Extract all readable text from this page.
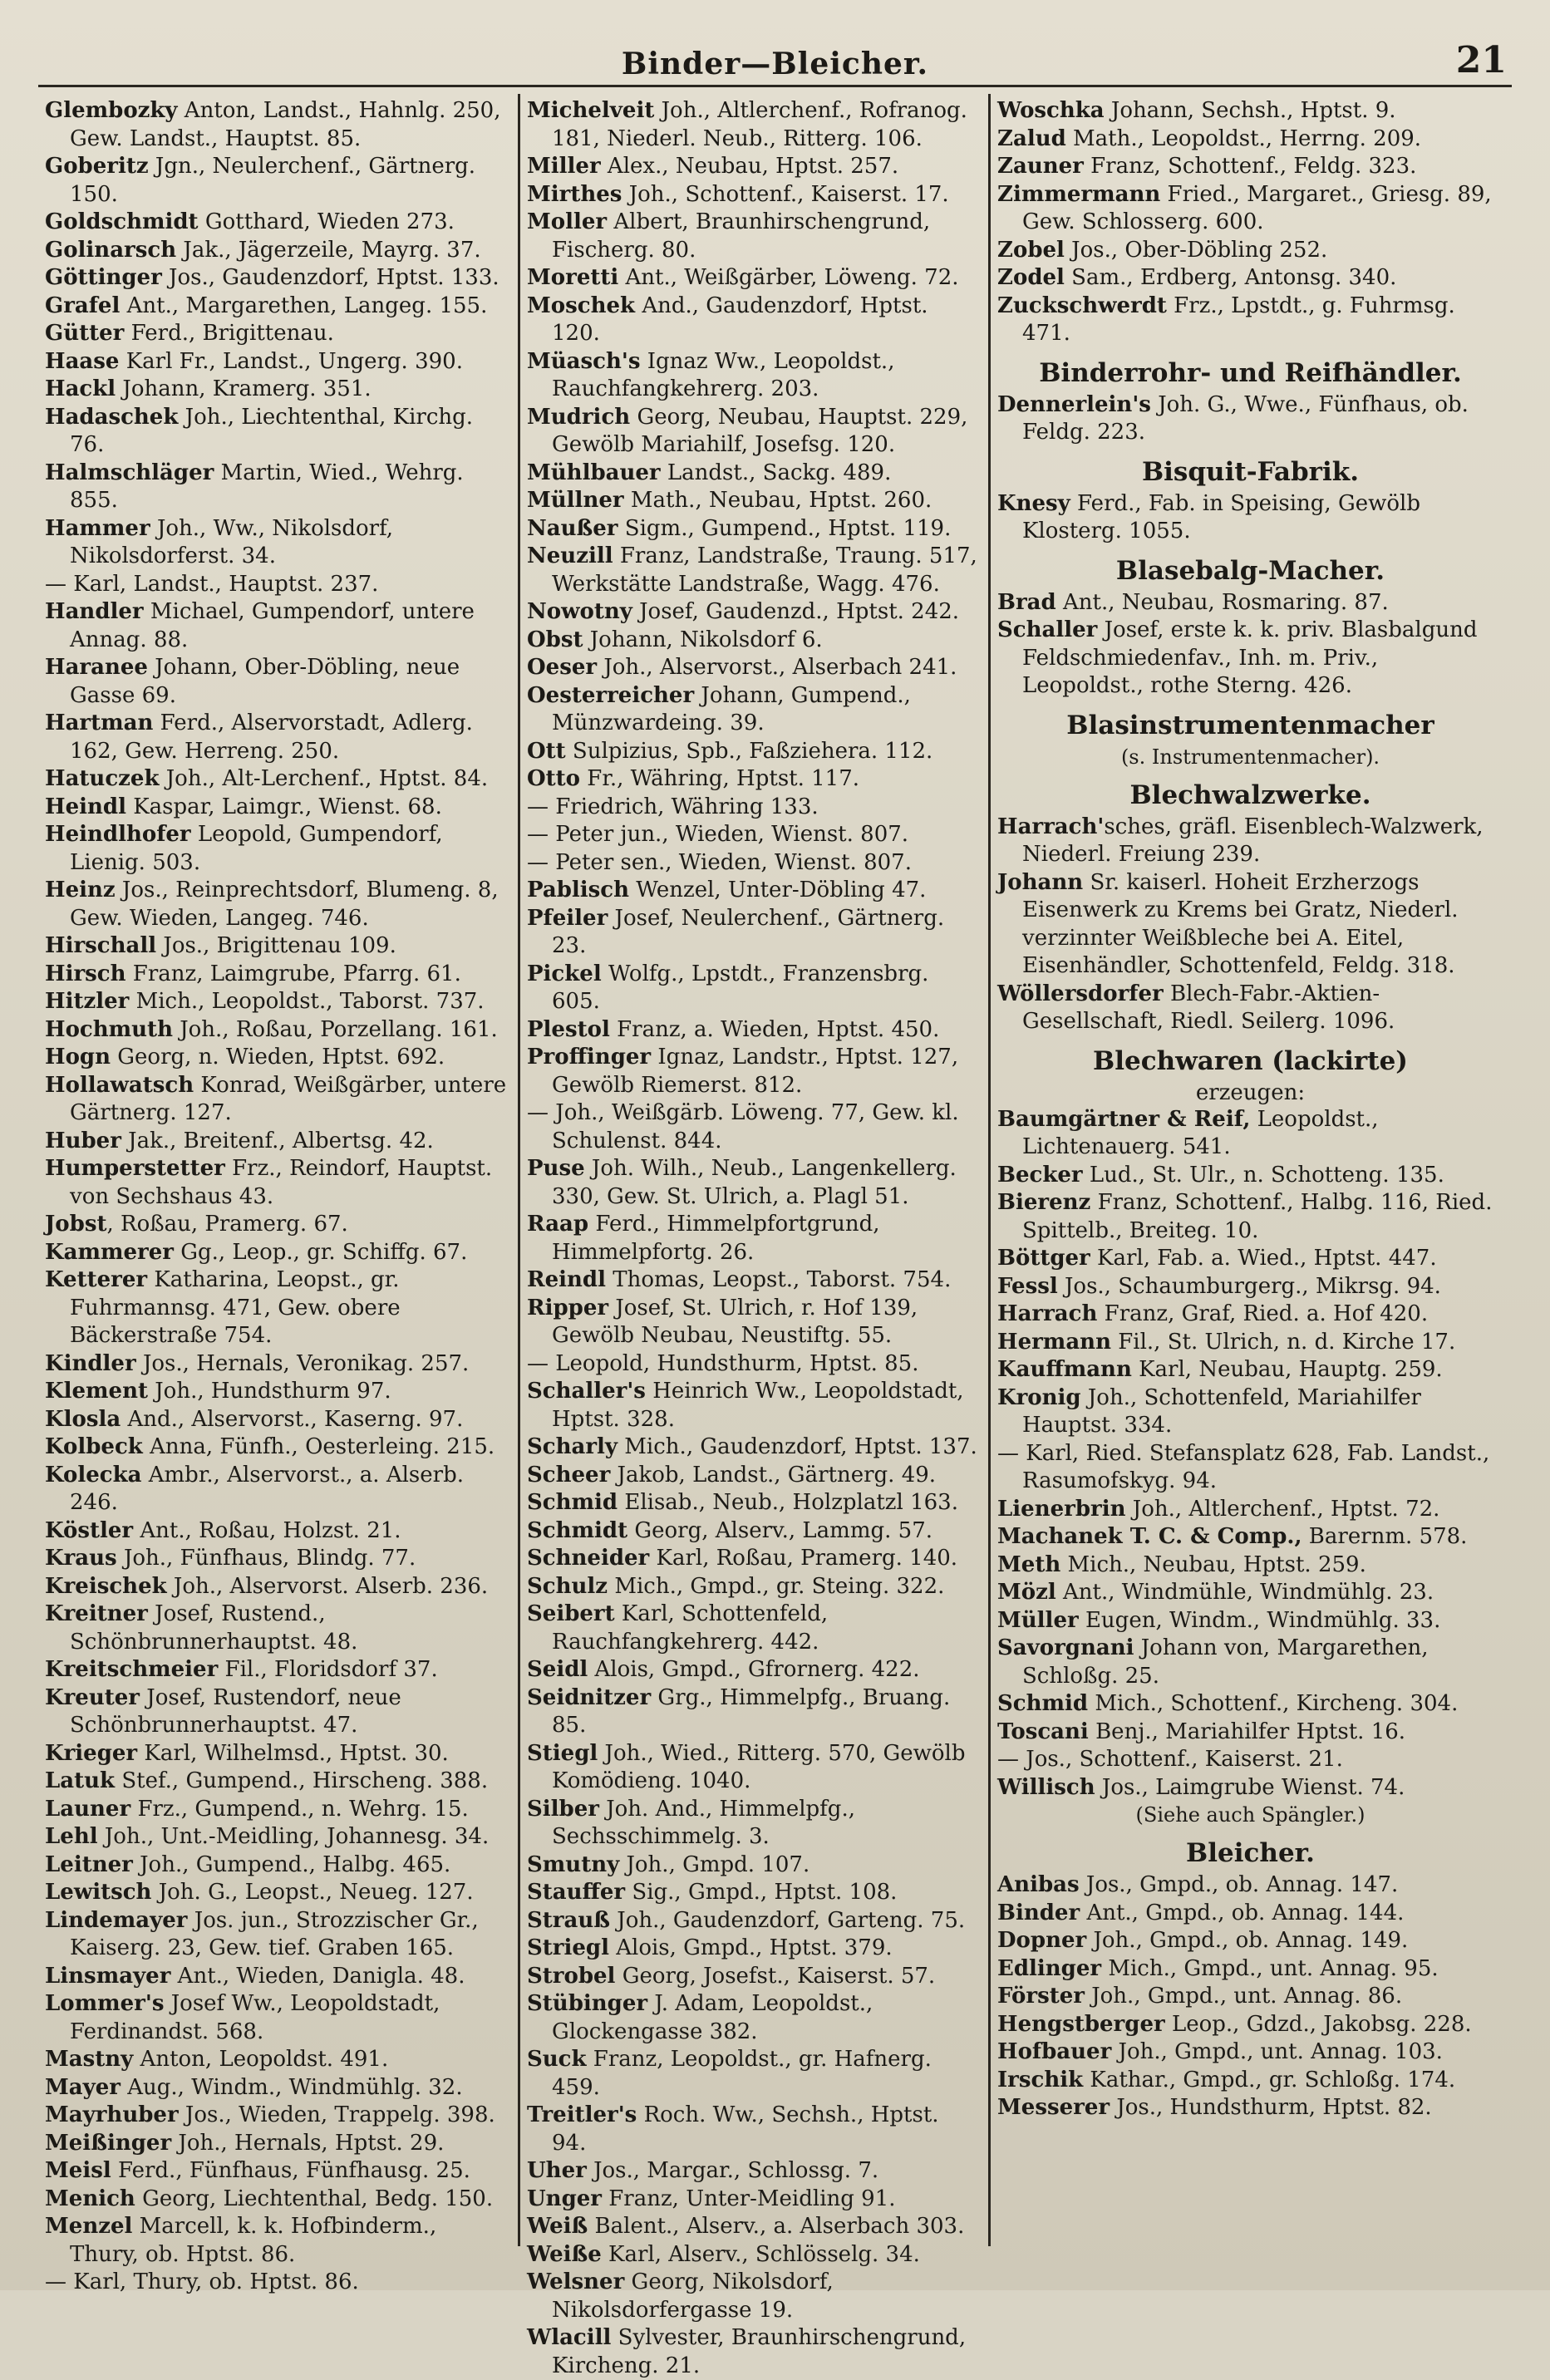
Binder—Bleicher.	21
Glembozky Anton, Landst., Hahnlg. 250, Gew. Landst., Hauptst. 85.
Goberitz Jgn., Neulerchenf., Gärtnerg. 150.
Goldschmidt Gotthard, Wieden 273.
Golinarsch Jak., Jägerzeile, Mayrg. 37.
Göttinger Jos., Gaudenzdorf, Hptst. 133.
Grafel Ant., Margarethen, Langeg. 155.
Gütter Ferd., Brigittenau.
Haase Karl Fr., Landst., Ungerg. 390.
Hackl Johann, Kramerg. 351.
Hadaschek Joh., Liechtenthal, Kirchg. 76.
Halmschläger Martin, Wied., Wehrg. 855.
Hammer Joh., Ww., Nikolsdorf, Nikolsdorferst. 34.
— Karl, Landst., Hauptst. 237.
Handler Michael, Gumpendorf, untere Annag. 88.
Haranee Johann, Ober-Döbling, neue Gasse 69.
Hartman Ferd., Alservorstadt, Adlerg. 162, Gew. Herreng. 250.
Hatuczek Joh., Alt-Lerchenf., Hptst. 84.
Heindl Kaspar, Laimgr., Wienst. 68.
Heindlhofer Leopold, Gumpendorf, Lienig. 503.
Heinz Jos., Reinprechtsdorf, Blumeng. 8, Gew. Wieden, Langeg. 746.
Hirschall Jos., Brigittenau 109.
Hirsch Franz, Laimgrube, Pfarrg. 61.
Hitzler Mich., Leopoldst., Taborst. 737.
Hochmuth Joh., Roßau, Porzellang. 161.
Hogn Georg, n. Wieden, Hptst. 692.
Hollawatsch Konrad, Weißgärber, untere Gärtnerg. 127.
Huber Jak., Breitenf., Albertsg. 42.
Humperstetter Frz., Reindorf, Hauptst. von Sechshaus 43.
Jobst, Roßau, Pramerg. 67.
Kammerer Gg., Leop., gr. Schiffg. 67.
Ketterer Katharina, Leopst., gr. Fuhrmannsg. 471, Gew. obere Bäckerstraße 754.
Kindler Jos., Hernals, Veronikag. 257.
Klement Joh., Hundsthurm 97.
Klosla And., Alservorst., Kaserng. 97.
Kolbeck Anna, Fünfh., Oesterleing. 215.
Kolecka Ambr., Alservorst., a. Alserb. 246.
Köstler Ant., Roßau, Holzst. 21.
Kraus Joh., Fünfhaus, Blindg. 77.
Kreischek Joh., Alservorst. Alserb. 236.
Kreitner Josef, Rustend., Schönbrunnerhauptst. 48.
Kreitschmeier Fil., Floridsdorf 37.
Kreuter Josef, Rustendorf, neue Schönbrunnerhauptst. 47.
Krieger Karl, Wilhelmsd., Hptst. 30.
Latuk Stef., Gumpend., Hirscheng. 388.
Launer Frz., Gumpend., n. Wehrg. 15.
Lehl Joh., Unt.-Meidling, Johannesg. 34.
Leitner Joh., Gumpend., Halbg. 465.
Lewitsch Joh. G., Leopst., Neueg. 127.
Lindemayer Jos. jun., Strozzischer Gr., Kaiserg. 23, Gew. tief. Graben 165.
Linsmayer Ant., Wieden, Danigla. 48.
Lommer's Josef Ww., Leopoldstadt, Ferdinandst. 568.
Mastny Anton, Leopoldst. 491.
Mayer Aug., Windm., Windmühlg. 32.
Mayrhuber Jos., Wieden, Trappelg. 398.
Meißinger Joh., Hernals, Hptst. 29.
Meisl Ferd., Fünfhaus, Fünfhausg. 25.
Menich Georg, Liechtenthal, Bedg. 150.
Menzel Marcell, k. k. Hofbinderm., Thury, ob. Hptst. 86.
— Karl, Thury, ob. Hptst. 86.
Michelveit Joh., Altlerchenf., Rofranog. 181, Niederl. Neub., Ritterg. 106.
Miller Alex., Neubau, Hptst. 257.
Mirthes Joh., Schottenf., Kaiserst. 17.
Moller Albert, Braunhirschengrund, Fischerg. 80.
Moretti Ant., Weißgärber, Löweng. 72.
Moschek And., Gaudenzdorf, Hptst. 120.
Müasch's Ignaz Ww., Leopoldst., Rauchfangkehrerg. 203.
Mudrich Georg, Neubau, Hauptst. 229, Gewölb Mariahilf, Josefsg. 120.
Mühlbauer Landst., Sackg. 489.
Müllner Math., Neubau, Hptst. 260.
Naußer Sigm., Gumpend., Hptst. 119.
Neuzill Franz, Landstraße, Traung. 517, Werkstätte Landstraße, Wagg. 476.
Nowotny Josef, Gaudenzd., Hptst. 242.
Obst Johann, Nikolsdorf 6.
Oeser Joh., Alservorst., Alserbach 241.
Oesterreicher Johann, Gumpend., Münzwardeing. 39.
Ott Sulpizius, Spb., Faßziehera. 112.
Otto Fr., Währing, Hptst. 117.
— Friedrich, Währing 133.
— Peter jun., Wieden, Wienst. 807.
— Peter sen., Wieden, Wienst. 807.
Pablisch Wenzel, Unter-Döbling 47.
Pfeiler Josef, Neulerchenf., Gärtnerg. 23.
Pickel Wolfg., Lpstdt., Franzensbrg. 605.
Plestol Franz, a. Wieden, Hptst. 450.
Proffinger Ignaz, Landstr., Hptst. 127, Gewölb Riemerst. 812.
— Joh., Weißgärb. Löweng. 77, Gew. kl. Schulenst. 844.
Puse Joh. Wilh., Neub., Langenkellerg. 330, Gew. St. Ulrich, a. Plagl 51.
Raap Ferd., Himmelpfortgrund, Himmelpfortg. 26.
Reindl Thomas, Leopst., Taborst. 754.
Ripper Josef, St. Ulrich, r. Hof 139, Gewölb Neubau, Neustiftg. 55.
— Leopold, Hundsthurm, Hptst. 85.
Schaller's Heinrich Ww., Leopoldstadt, Hptst. 328.
Scharly Mich., Gaudenzdorf, Hptst. 137.
Scheer Jakob, Landst., Gärtnerg. 49.
Schmid Elisab., Neub., Holzplatzl 163.
Schmidt Georg, Alserv., Lammg. 57.
Schneider Karl, Roßau, Pramerg. 140.
Schulz Mich., Gmpd., gr. Steing. 322.
Seibert Karl, Schottenfeld, Rauchfangkehrerg. 442.
Seidl Alois, Gmpd., Gfrornerg. 422.
Seidnitzer Grg., Himmelpfg., Bruang. 85.
Stiegl Joh., Wied., Ritterg. 570, Gewölb Komödieng. 1040.
Silber Joh. And., Himmelpfg., Sechsschimmelg. 3.
Smutny Joh., Gmpd. 107.
Stauffer Sig., Gmpd., Hptst. 108.
Strauß Joh., Gaudenzdorf, Garteng. 75.
Striegl Alois, Gmpd., Hptst. 379.
Strobel Georg, Josefst., Kaiserst. 57.
Stübinger J. Adam, Leopoldst., Glockengasse 382.
Suck Franz, Leopoldst., gr. Hafnerg. 459.
Treitler's Roch. Ww., Sechsh., Hptst. 94.
Uher Jos., Margar., Schlossg. 7.
Unger Franz, Unter-Meidling 91.
Weiß Balent., Alserv., a. Alserbach 303.
Weiße Karl, Alserv., Schlösselg. 34.
Welsner Georg, Nikolsdorf, Nikolsdorfergasse 19.
Wlacill Sylvester, Braunhirschengrund, Kircheng. 21.
Woschka Johann, Sechsh., Hptst. 9.
Zalud Math., Leopoldst., Herrng. 209.
Zauner Franz, Schottenf., Feldg. 323.
Zimmermann Fried., Margaret., Griesg. 89, Gew. Schlosserg. 600.
Zobel Jos., Ober-Döbling 252.
Zodel Sam., Erdberg, Antonsg. 340.
Zuckschwerdt Frz., Lpstdt., g. Fuhrmsg. 471.
Binderrohr- und Reifhändler.
Dennerlein's Joh. G., Wwe., Fünfhaus, ob. Feldg. 223.
Bisquit-Fabrik.
Knesy Ferd., Fab. in Speising, Gewölb Klosterg. 1055.
Blasebalg-Macher.
Brad Ant., Neubau, Rosmaring. 87.
Schaller Josef, erste k. k. priv. Blasbalgund Feldschmiedenfav., Inh. m. Priv., Leopoldst., rothe Sterng. 426.
Blasinstrumentenmacher
(s. Instrumentenmacher).
Blechwalzwerke.
Harrach'sches, gräfl. Eisenblech-Walzwerk, Niederl. Freiung 239.
Johann Sr. kaiserl. Hoheit Erzherzogs Eisenwerk zu Krems bei Gratz, Niederl. verzinnter Weißbleche bei A. Eitel, Eisenhändler, Schottenfeld, Feldg. 318.
Wöllersdorfer Blech-Fabr.-Aktien-Gesellschaft, Riedl. Seilerg. 1096.
Blechwaren (lackirte)
erzeugen:
Baumgärtner & Reif, Leopoldst., Lichtenauerg. 541.
Becker Lud., St. Ulr., n. Schotteng. 135.
Bierenz Franz, Schottenf., Halbg. 116, Ried. Spittelb., Breiteg. 10.
Böttger Karl, Fab. a. Wied., Hptst. 447.
Fessl Jos., Schaumburgerg., Mikrsg. 94.
Harrach Franz, Graf, Ried. a. Hof 420.
Hermann Fil., St. Ulrich, n. d. Kirche 17.
Kauffmann Karl, Neubau, Hauptg. 259.
Kronig Joh., Schottenfeld, Mariahilfer Hauptst. 334.
— Karl, Ried. Stefansplatz 628, Fab. Landst., Rasumofskyg. 94.
Lienerbrin Joh., Altlerchenf., Hptst. 72.
Machanek T. C. & Comp., Barernm. 578.
Meth Mich., Neubau, Hptst. 259.
Mözl Ant., Windmühle, Windmühlg. 23.
Müller Eugen, Windm., Windmühlg. 33.
Savorgnani Johann von, Margarethen, Schloßg. 25.
Schmid Mich., Schottenf., Kircheng. 304.
Toscani Benj., Mariahilfer Hptst. 16.
— Jos., Schottenf., Kaiserst. 21.
Willisch Jos., Laimgrube Wienst. 74.
(Siehe auch Spängler.)
Bleicher.
Anibas Jos., Gmpd., ob. Annag. 147.
Binder Ant., Gmpd., ob. Annag. 144.
Dopner Joh., Gmpd., ob. Annag. 149.
Edlinger Mich., Gmpd., unt. Annag. 95.
Förster Joh., Gmpd., unt. Annag. 86.
Hengstberger Leop., Gdzd., Jakobsg. 228.
Hofbauer Joh., Gmpd., unt. Annag. 103.
Irschik Kathar., Gmpd., gr. Schloßg. 174.
Messerer Jos., Hundsthurm, Hptst. 82.
